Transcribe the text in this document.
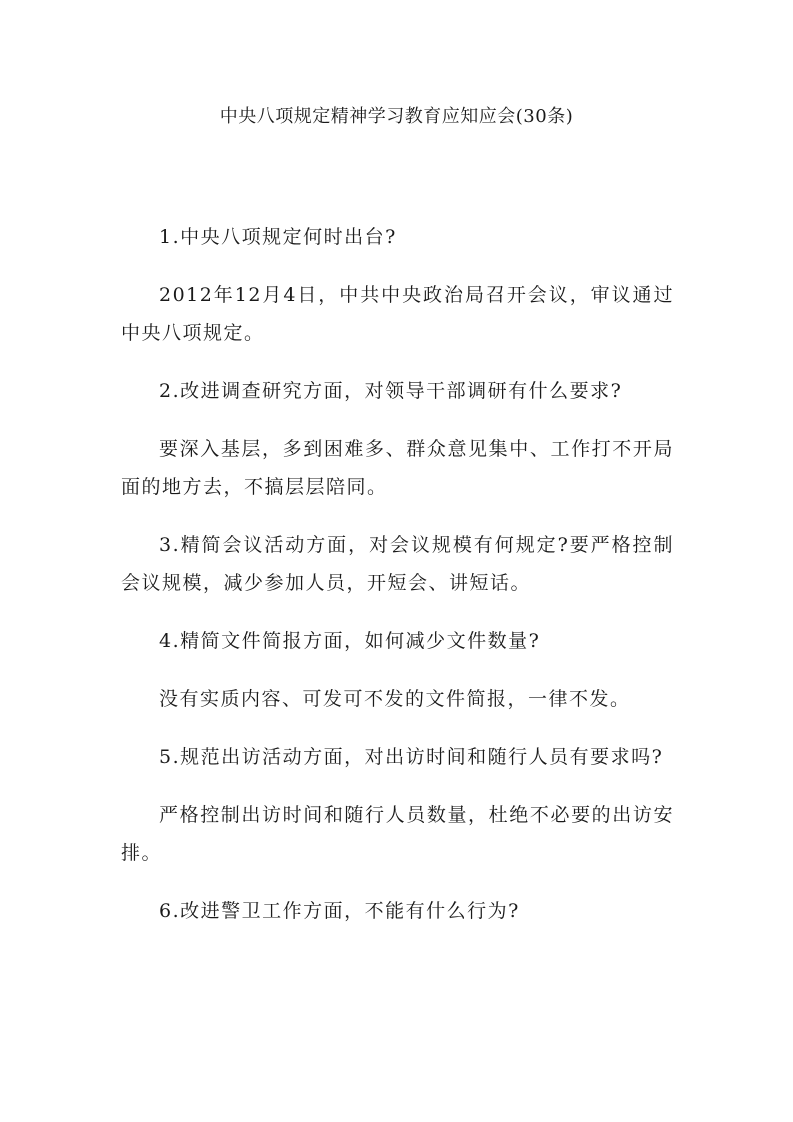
中央八项规定精神学习教育应知应会(30条)

1.中央八项规定何时出台?

2012年12月4日，中共中央政治局召开会议，审议通过中央八项规定。

2.改进调查研究方面，对领导干部调研有什么要求?

要深入基层，多到困难多、群众意见集中、工作打不开局面的地方去，不搞层层陪同。

3.精简会议活动方面，对会议规模有何规定?要严格控制会议规模，减少参加人员，开短会、讲短话。

4.精简文件简报方面，如何减少文件数量?

没有实质内容、可发可不发的文件简报，一律不发。

5.规范出访活动方面，对出访时间和随行人员有要求吗?

严格控制出访时间和随行人员数量，杜绝不必要的出访安排。

6.改进警卫工作方面，不能有什么行为?
